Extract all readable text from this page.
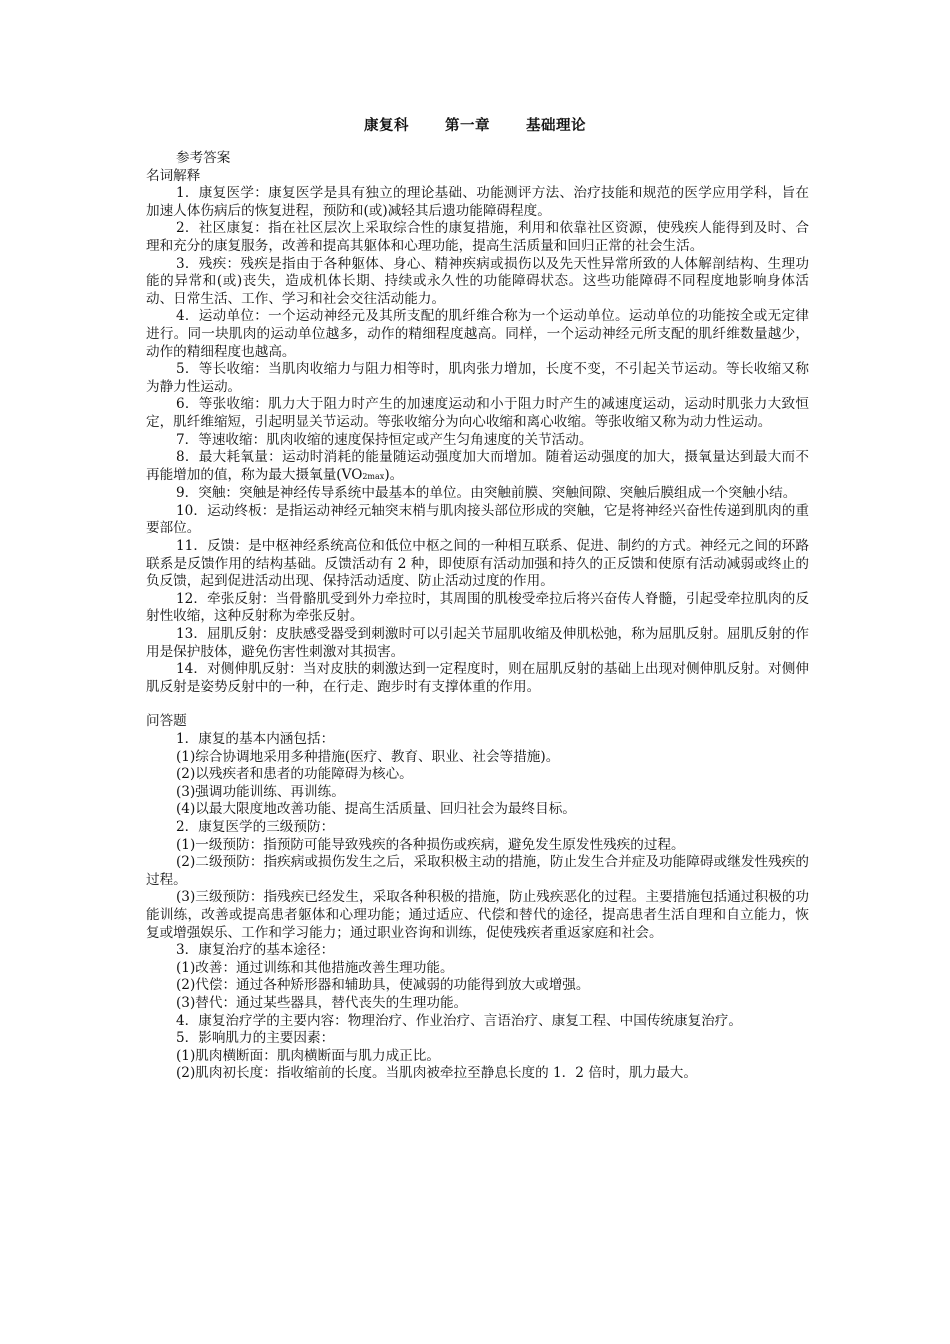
康复科 第一章 基础理论

参考答案

名词解释

1．康复医学：康复医学是具有独立的理论基础、功能测评方法、治疗技能和规范的医学应用学科，旨在加速人体伤病后的恢复进程，预防和(或)减轻其后遗功能障碍程度。

2．社区康复：指在社区层次上采取综合性的康复措施，利用和依靠社区资源，使残疾人能得到及时、合理和充分的康复服务，改善和提高其躯体和心理功能，提高生活质量和回归正常的社会生活。

3．残疾：残疾是指由于各种躯体、身心、精神疾病或损伤以及先天性异常所致的人体解剖结构、生理功能的异常和(或)丧失，造成机体长期、持续或永久性的功能障碍状态。这些功能障碍不同程度地影响身体活动、日常生活、工作、学习和社会交往活动能力。

4．运动单位：一个运动神经元及其所支配的肌纤维合称为一个运动单位。运动单位的功能按全或无定律进行。同一块肌肉的运动单位越多，动作的精细程度越高。同样，一个运动神经元所支配的肌纤维数量越少，动作的精细程度也越高。

5．等长收缩：当肌肉收缩力与阻力相等时，肌肉张力增加，长度不变，不引起关节运动。等长收缩又称为静力性运动。

6．等张收缩：肌力大于阻力时产生的加速度运动和小于阻力时产生的减速度运动，运动时肌张力大致恒定，肌纤维缩短，引起明显关节运动。等张收缩分为向心收缩和离心收缩。等张收缩又称为动力性运动。

7．等速收缩：肌肉收缩的速度保持恒定或产生匀角速度的关节活动。

8．最大耗氧量：运动时消耗的能量随运动强度加大而增加。随着运动强度的加大，摄氧量达到最大而不再能增加的值，称为最大摄氧量(VO2max)。

9．突触：突触是神经传导系统中最基本的单位。由突触前膜、突触间隙、突触后膜组成一个突触小结。

10．运动终板：是指运动神经元轴突末梢与肌肉接头部位形成的突触，它是将神经兴奋性传递到肌肉的重要部位。

11．反馈：是中枢神经系统高位和低位中枢之间的一种相互联系、促进、制约的方式。神经元之间的环路联系是反馈作用的结构基础。反馈活动有 2 种，即使原有活动加强和持久的正反馈和使原有活动减弱或终止的负反馈，起到促进活动出现、保持活动适度、防止活动过度的作用。

12．牵张反射：当骨骼肌受到外力牵拉时，其周围的肌梭受牵拉后将兴奋传人脊髓，引起受牵拉肌肉的反射性收缩，这种反射称为牵张反射。

13．屈肌反射：皮肤感受器受到刺激时可以引起关节屈肌收缩及伸肌松弛，称为屈肌反射。屈肌反射的作用是保护肢体，避免伤害性刺激对其损害。

14．对侧伸肌反射：当对皮肤的刺激达到一定程度时，则在屈肌反射的基础上出现对侧伸肌反射。对侧伸肌反射是姿势反射中的一种，在行走、跑步时有支撑体重的作用。

问答题

1．康复的基本内涵包括：

(1)综合协调地采用多种措施(医疗、教育、职业、社会等措施)。

(2)以残疾者和患者的功能障碍为核心。

(3)强调功能训练、再训练。

(4)以最大限度地改善功能、提高生活质量、回归社会为最终目标。

2．康复医学的三级预防：

(1)一级预防：指预防可能导致残疾的各种损伤或疾病，避免发生原发性残疾的过程。

(2)二级预防：指疾病或损伤发生之后，采取积极主动的措施，防止发生合并症及功能障碍或继发性残疾的过程。

(3)三级预防：指残疾已经发生，采取各种积极的措施，防止残疾恶化的过程。主要措施包括通过积极的功能训练，改善或提高患者躯体和心理功能；通过适应、代偿和替代的途径，提高患者生活自理和自立能力，恢复或增强娱乐、工作和学习能力；通过职业咨询和训练，促使残疾者重返家庭和社会。

3．康复治疗的基本途径：

(1)改善：通过训练和其他措施改善生理功能。

(2)代偿：通过各种矫形器和辅助具，使减弱的功能得到放大或增强。

(3)替代：通过某些器具，替代丧失的生理功能。

4．康复治疗学的主要内容：物理治疗、作业治疗、言语治疗、康复工程、中国传统康复治疗。

5．影响肌力的主要因素：

(1)肌肉横断面：肌肉横断面与肌力成正比。

(2)肌肉初长度：指收缩前的长度。当肌肉被牵拉至静息长度的 1．2 倍时，肌力最大。
